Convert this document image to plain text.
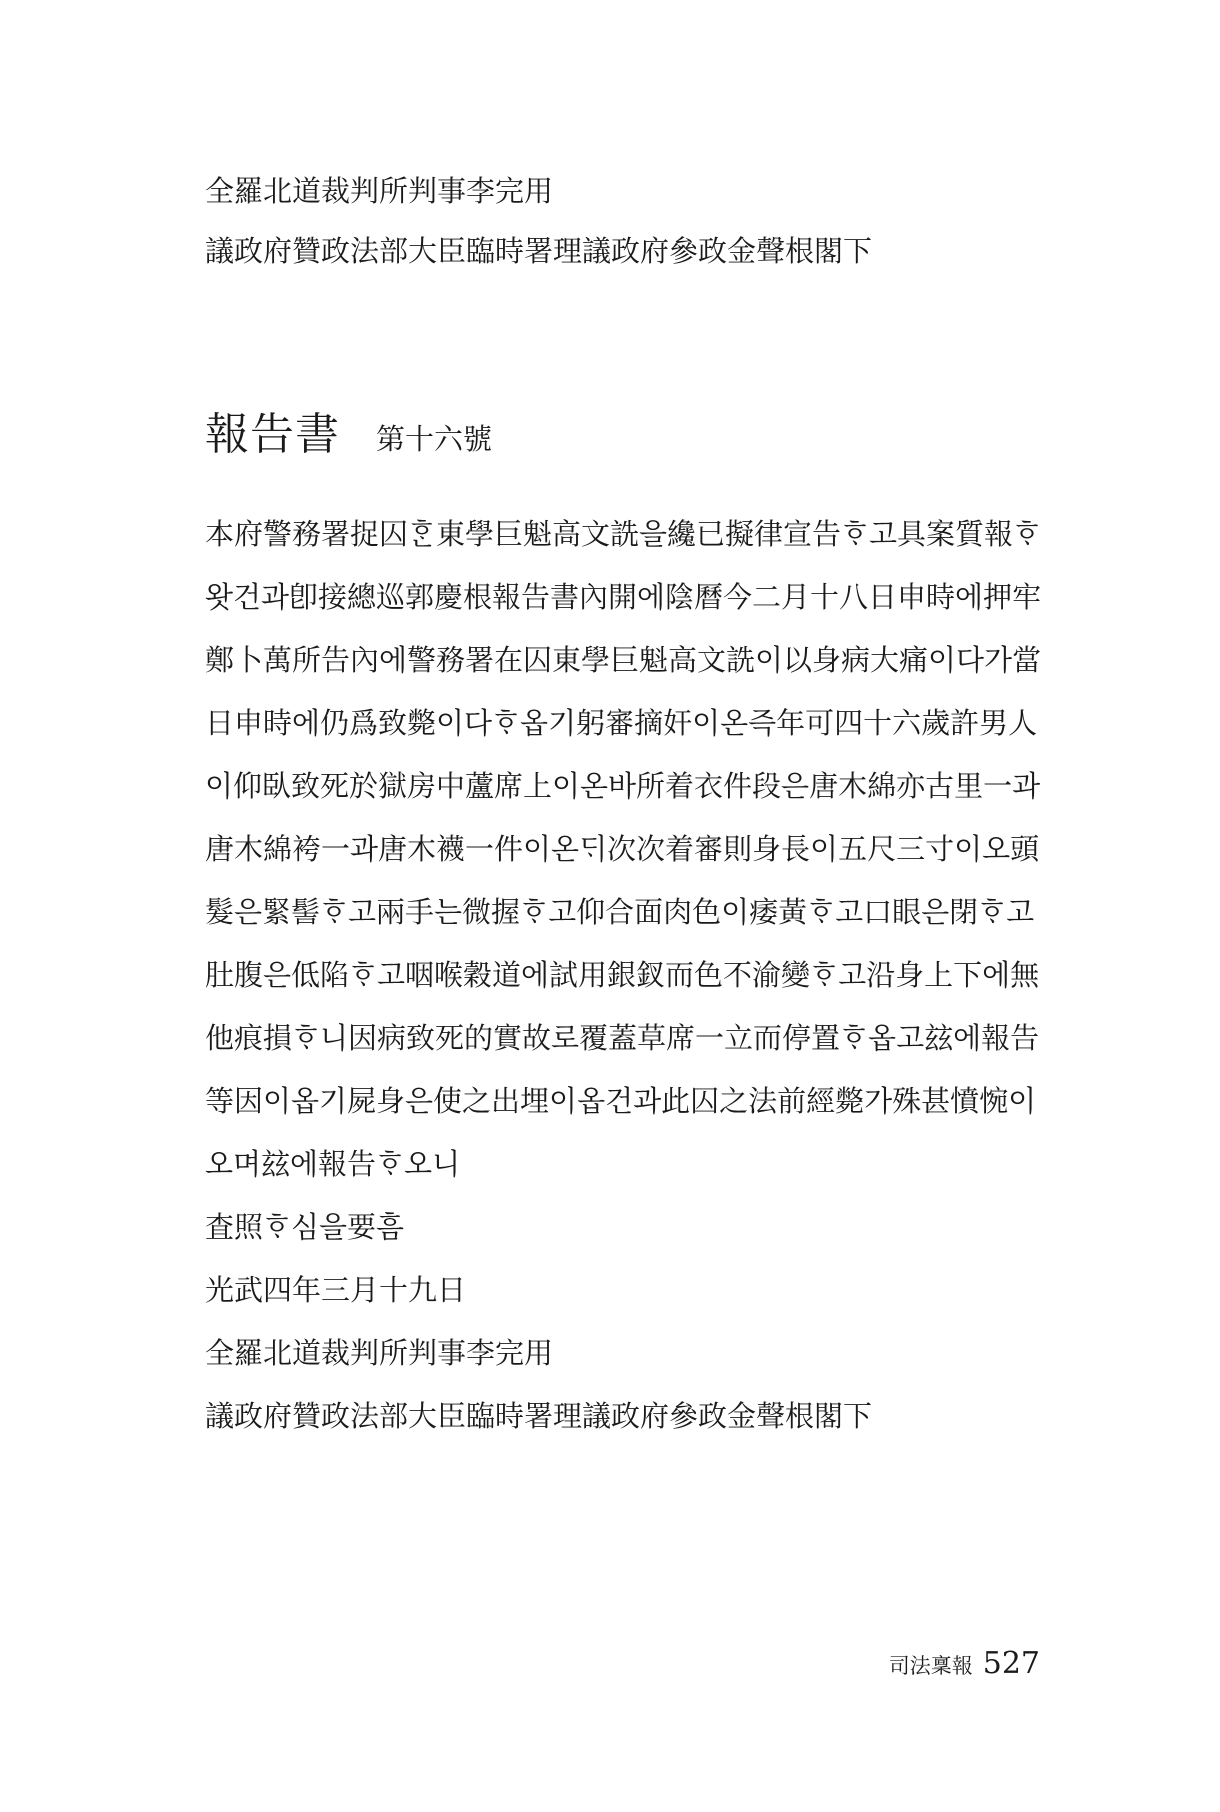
全羅北道裁判所判事李完用
議政府贊政法部大臣臨時署理議政府參政金聲根閣下
報告書 第十六號
本府警務署捉囚ᄒᆞᆫ東學巨魁高文詵을纔已擬律宣告ᄒᆞ고具案質報ᄒᆞ
왓건과卽接總巡郭慶根報告書內開에陰曆今二月十八日申時에押牢
鄭卜萬所告內에警務署在囚東學巨魁高文詵이以身病大痛이다가當
日申時에仍爲致斃이다ᄒᆞ옵기躬審摘奸이온즉年可四十六歲許男人
이仰臥致死於獄房中蘆席上이온바所着衣件段은唐木綿亦古里一과
唐木綿袴一과唐木襪一件이온ᄃᆡ次次着審則身長이五尺三寸이오頭
髮은緊髻ᄒᆞ고兩手는微握ᄒᆞ고仰合面肉色이痿黃ᄒᆞ고口眼은閉ᄒᆞ고
肚腹은低陷ᄒᆞ고咽喉穀道에試用銀釵而色不渝變ᄒᆞ고沿身上下에無
他痕損ᄒᆞ니因病致死的實故로覆蓋草席一立而停置ᄒᆞ옵고玆에報告
等因이옵기屍身은使之出埋이옵건과此囚之法前經斃가殊甚憤惋이
오며玆에報告ᄒᆞ오니
査照ᄒᆞ심을要흠
光武四年三月十九日
全羅北道裁判所判事李完用
議政府贊政法部大臣臨時署理議政府參政金聲根閣下
司法稟報 527
